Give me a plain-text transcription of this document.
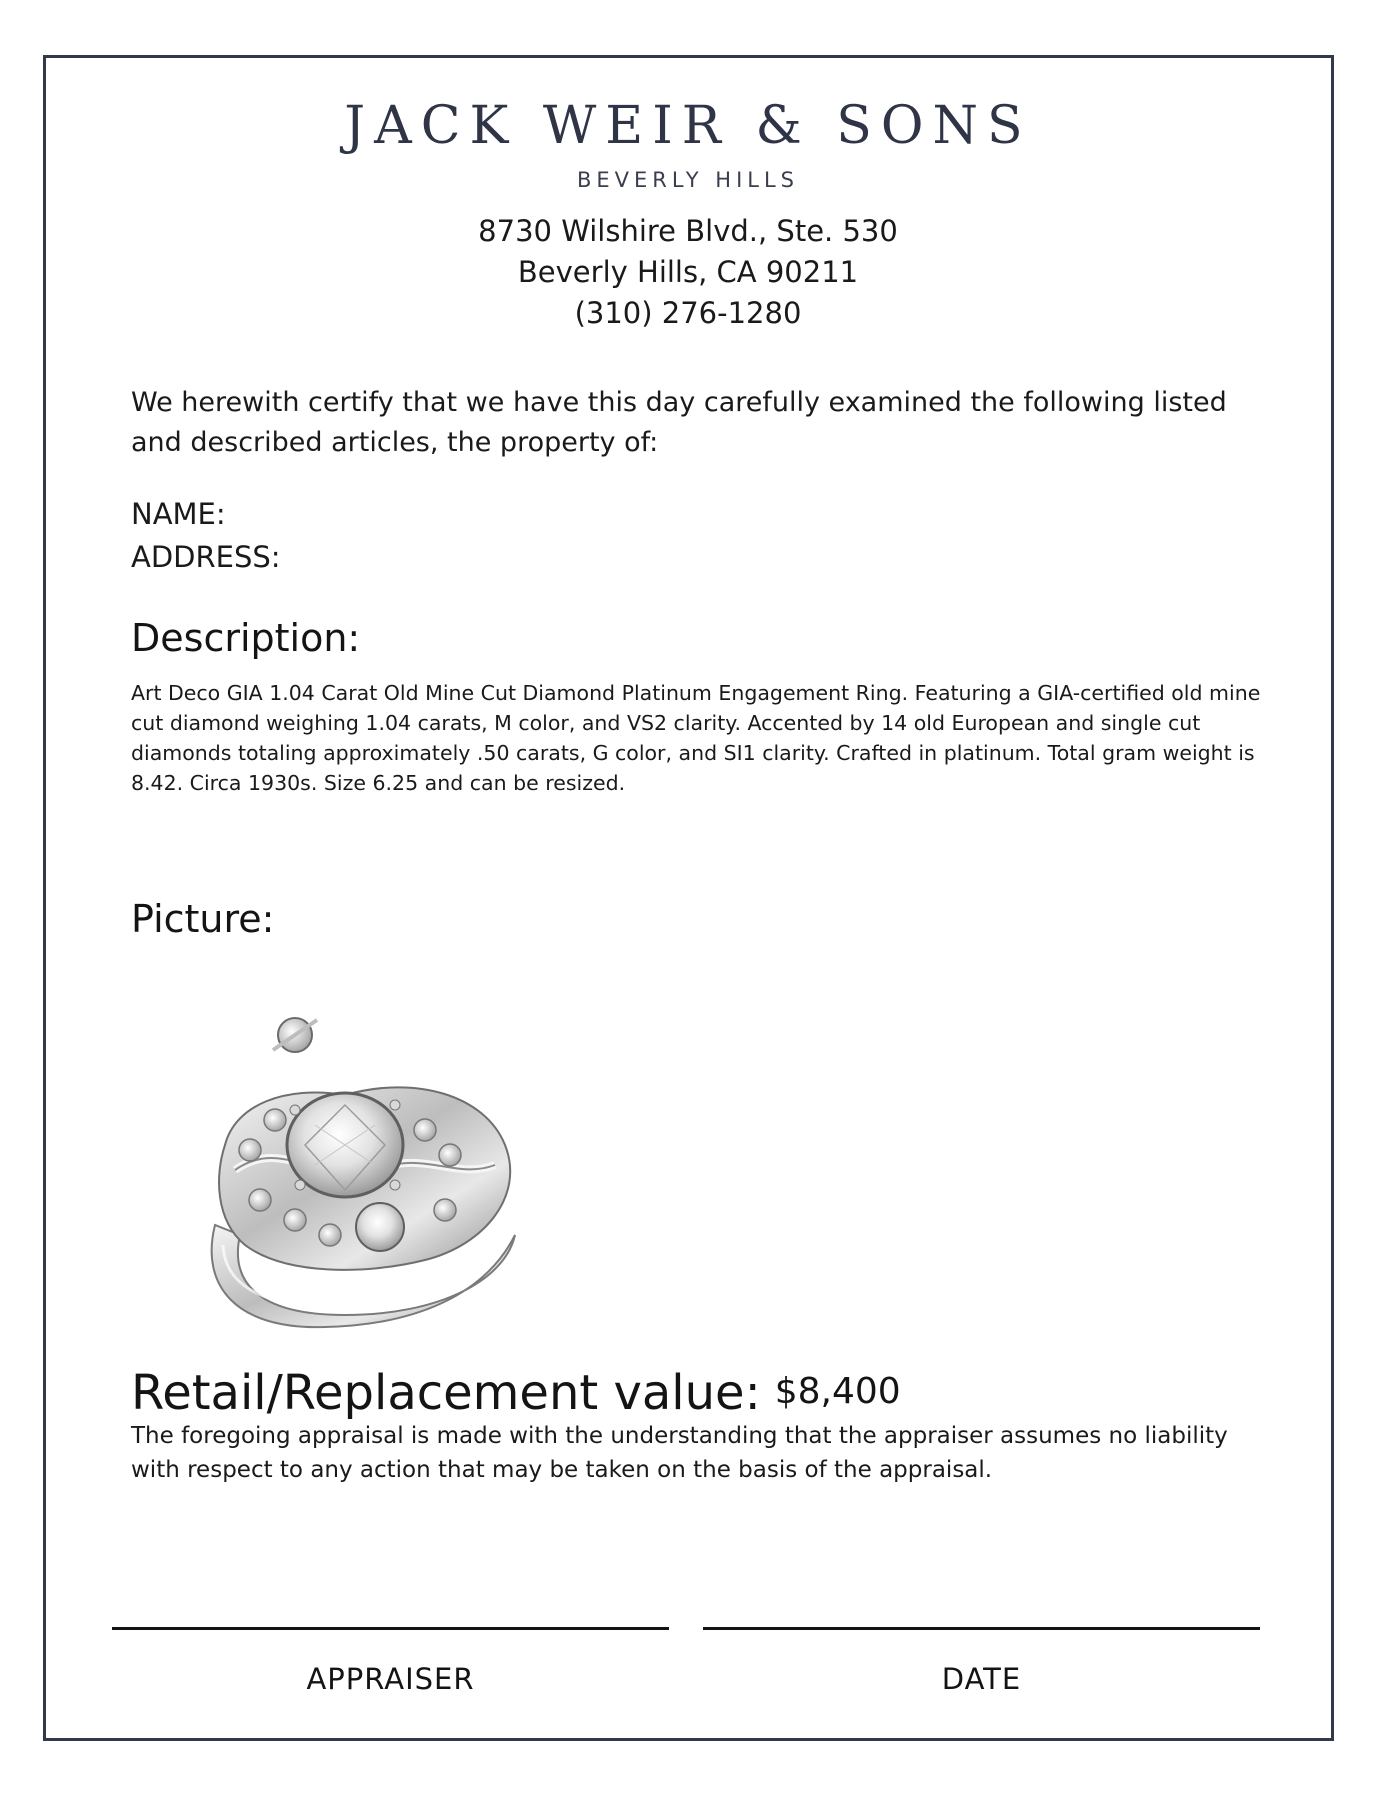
JACK WEIR & SONS
BEVERLY HILLS
8730 Wilshire Blvd., Ste. 530
Beverly Hills, CA 90211
(310) 276-1280
We herewith certify that we have this day carefully examined the following listed and described articles, the property of:
NAME:
ADDRESS:
Description:
Art Deco GIA 1.04 Carat Old Mine Cut Diamond Platinum Engagement Ring. Featuring a GIA-certified old mine cut diamond weighing 1.04 carats, M color, and VS2 clarity. Accented by 14 old European and single cut diamonds totaling approximately .50 carats, G color, and SI1 clarity. Crafted in platinum. Total gram weight is 8.42. Circa 1930s. Size 6.25 and can be resized.
Picture:
Retail/Replacement value: $8,400
The foregoing appraisal is made with the understanding that the appraiser assumes no liability with respect to any action that may be taken on the basis of the appraisal.
APPRAISER	DATE
